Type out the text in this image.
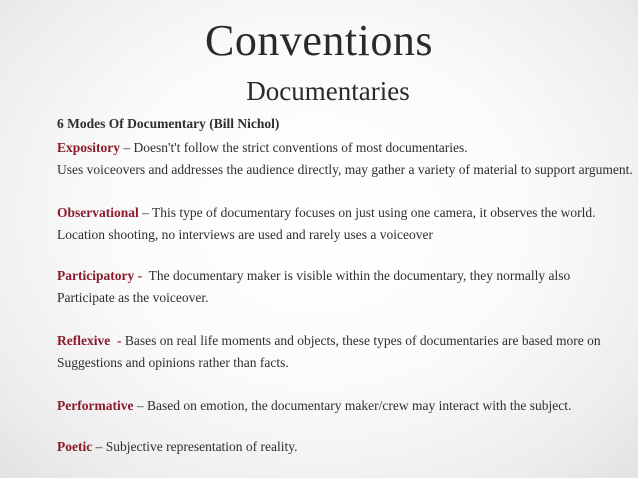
Conventions
Documentaries
6 Modes Of Documentary (Bill Nichol)
Expository – Doesn't't follow the strict conventions of most documentaries.
Uses voiceovers and addresses the audience directly, may gather a variety of material to support argument.
Observational – This type of documentary focuses on just using one camera, it observes the world.
Location shooting, no interviews are used and rarely uses a voiceover
Participatory - The documentary maker is visible within the documentary, they normally also
Participate as the voiceover.
Reflexive  - Bases on real life moments and objects, these types of documentaries are based more on
Suggestions and opinions rather than facts.
Performative – Based on emotion, the documentary maker/crew may interact with the subject.
Poetic – Subjective representation of reality.
